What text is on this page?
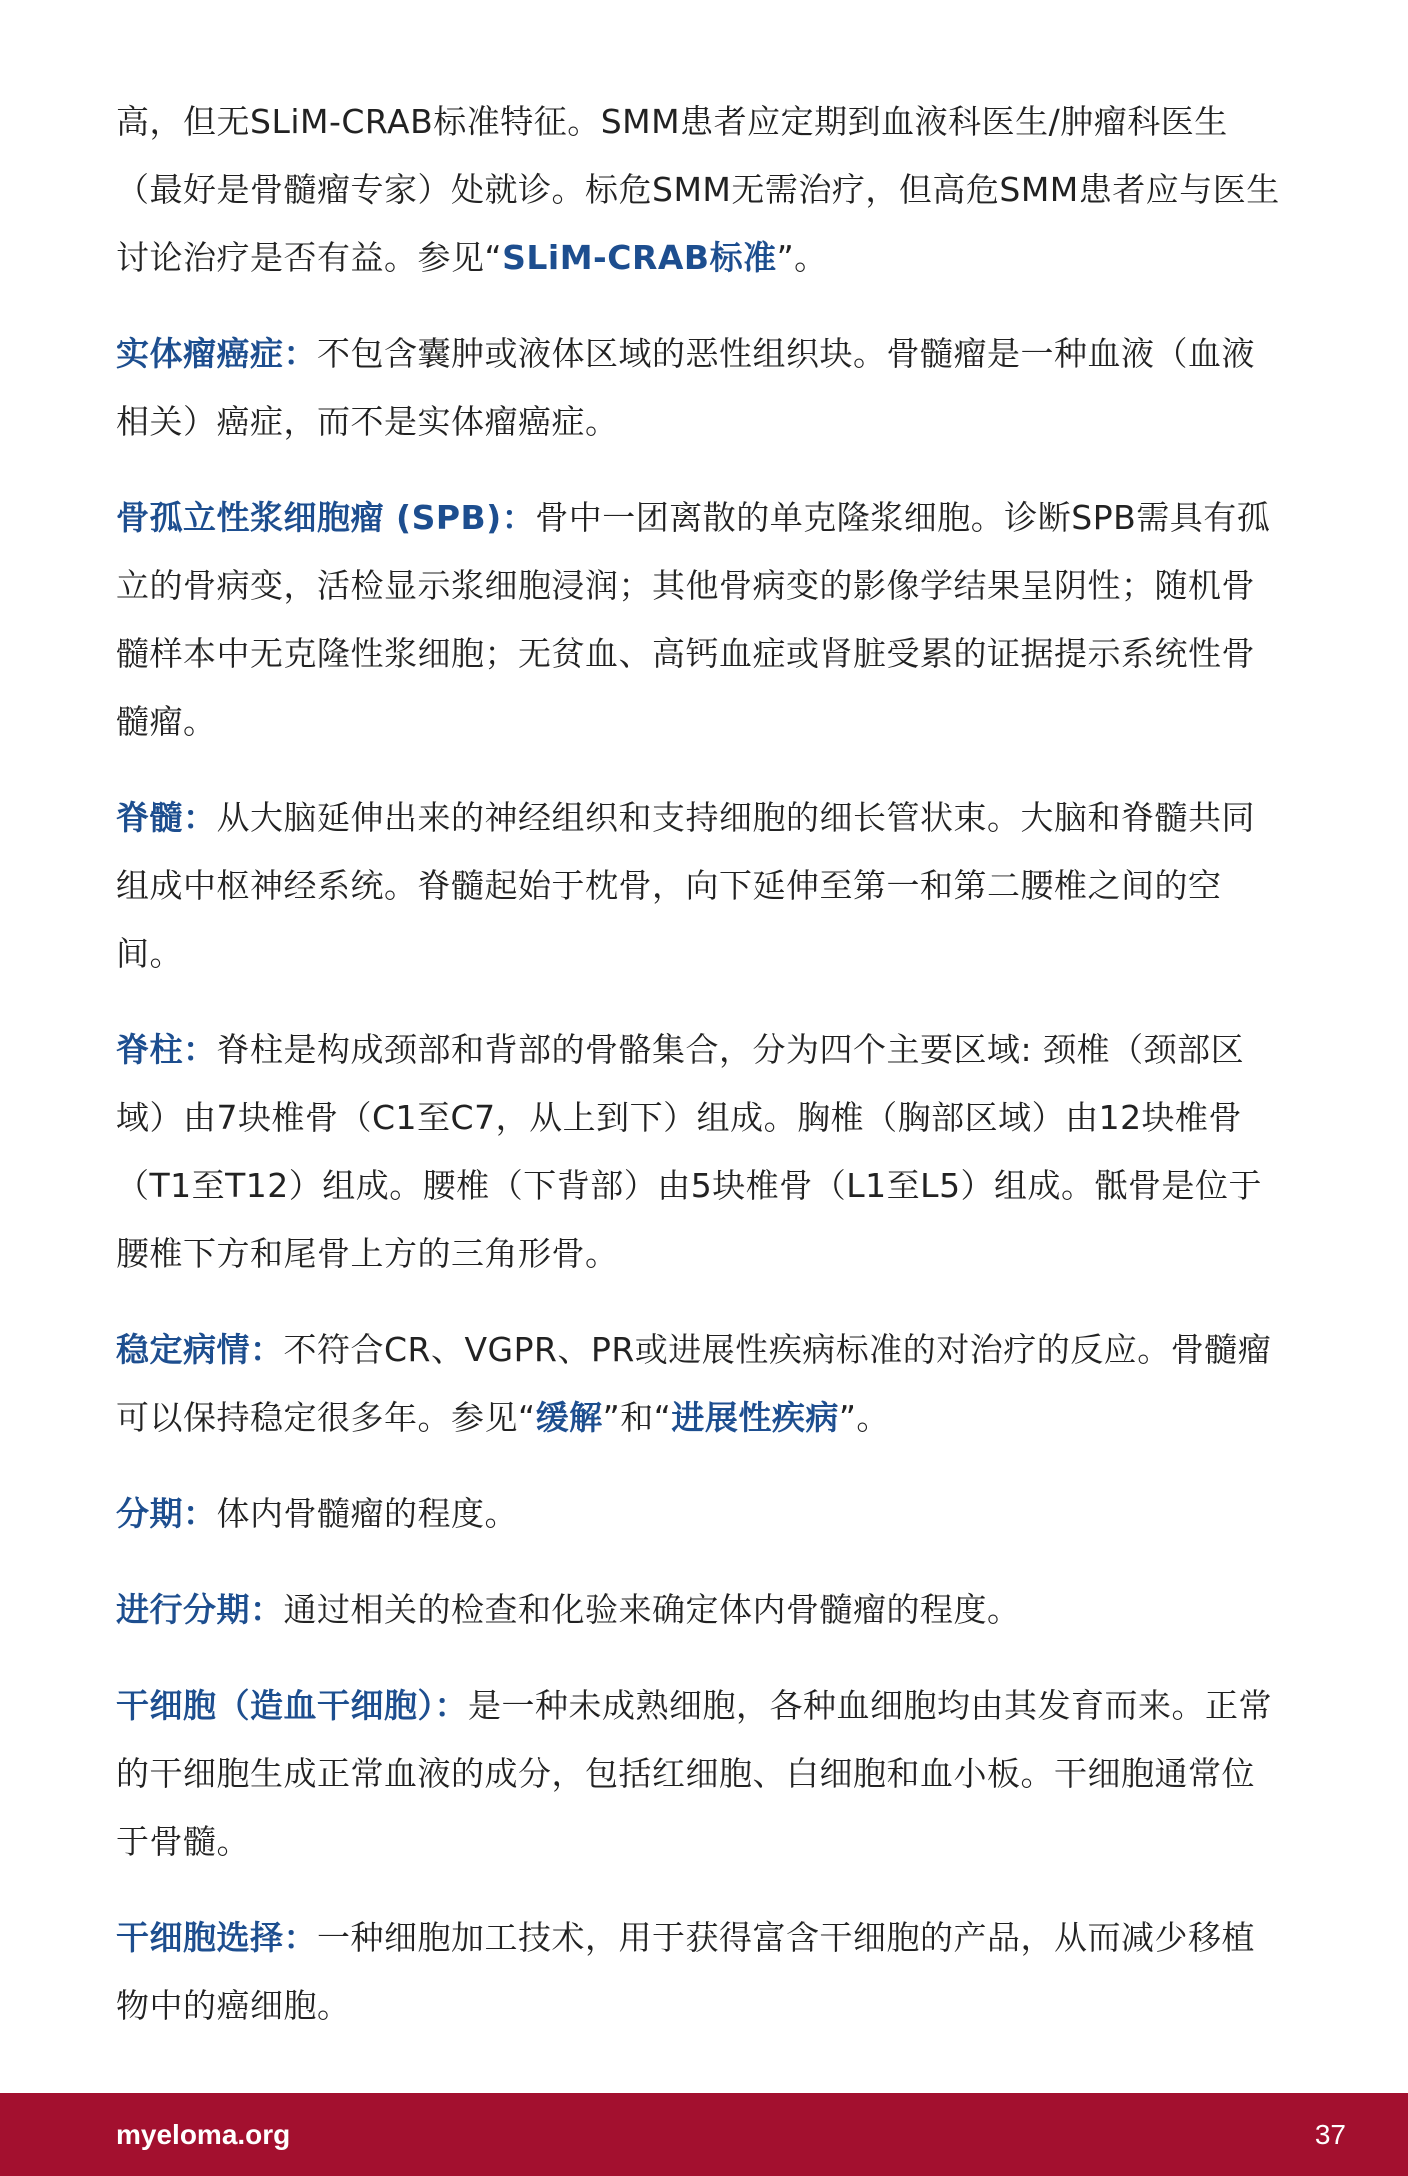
高，但无SLiM-CRAB标准特征。SMM患者应定期到血液科医生/肿瘤科医生（最好是骨髓瘤专家）处就诊。标危SMM无需治疗，但高危SMM患者应与医生讨论治疗是否有益。参见“SLiM-CRAB标准”。

实体瘤癌症：不包含囊肿或液体区域的恶性组织块。骨髓瘤是一种血液（血液相关）癌症，而不是实体瘤癌症。

骨孤立性浆细胞瘤 (SPB)：骨中一团离散的单克隆浆细胞。诊断SPB需具有孤立的骨病变，活检显示浆细胞浸润；其他骨病变的影像学结果呈阴性；随机骨髓样本中无克隆性浆细胞；无贫血、高钙血症或肾脏受累的证据提示系统性骨髓瘤。

脊髓：从大脑延伸出来的神经组织和支持细胞的细长管状束。大脑和脊髓共同组成中枢神经系统。脊髓起始于枕骨，向下延伸至第一和第二腰椎之间的空间。

脊柱：脊柱是构成颈部和背部的骨骼集合，分为四个主要区域: 颈椎（颈部区域）由7块椎骨（C1至C7，从上到下）组成。胸椎（胸部区域）由12块椎骨（T1至T12）组成。腰椎（下背部）由5块椎骨（L1至L5）组成。骶骨是位于腰椎下方和尾骨上方的三角形骨。

稳定病情：不符合CR、VGPR、PR或进展性疾病标准的对治疗的反应。骨髓瘤可以保持稳定很多年。参见“缓解”和“进展性疾病”。

分期：体内骨髓瘤的程度。

进行分期：通过相关的检查和化验来确定体内骨髓瘤的程度。

干细胞（造血干细胞）：是一种未成熟细胞，各种血细胞均由其发育而来。正常的干细胞生成正常血液的成分，包括红细胞、白细胞和血小板。干细胞通常位于骨髓。

干细胞选择：一种细胞加工技术，用于获得富含干细胞的产品，从而减少移植物中的癌细胞。

myeloma.org	37
